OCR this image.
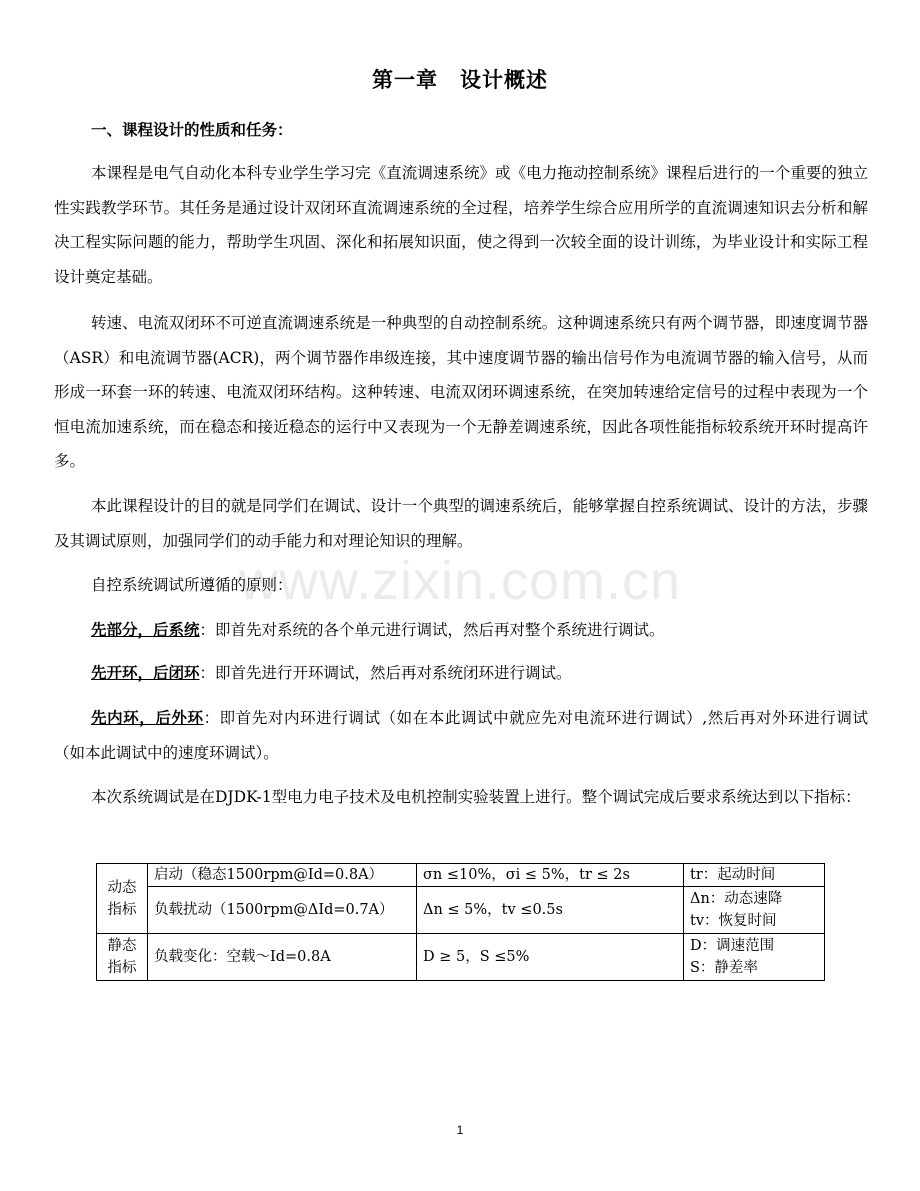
第一章　设计概述
一、课程设计的性质和任务：

本课程是电气自动化本科专业学生学习完《直流调速系统》或《电力拖动控制系统》课程后进行的一个重要的独立性实践教学环节。其任务是通过设计双闭环直流调速系统的全过程，培养学生综合应用所学的直流调速知识去分析和解决工程实际问题的能力，帮助学生巩固、深化和拓展知识面，使之得到一次较全面的设计训练，为毕业设计和实际工程设计奠定基础。

转速、电流双闭环不可逆直流调速系统是一种典型的自动控制系统。这种调速系统只有两个调节器，即速度调节器（ASR）和电流调节器(ACR)，两个调节器作串级连接，其中速度调节器的输出信号作为电流调节器的输入信号，从而形成一环套一环的转速、电流双闭环结构。这种转速、电流双闭环调速系统，在突加转速给定信号的过程中表现为一个恒电流加速系统，而在稳态和接近稳态的运行中又表现为一个无静差调速系统，因此各项性能指标较系统开环时提高许多。

本此课程设计的目的就是同学们在调试、设计一个典型的调速系统后，能够掌握自控系统调试、设计的方法，步骤及其调试原则，加强同学们的动手能力和对理论知识的理解。

www.zixin.com.cn
自控系统调试所遵循的原则：
先部分，后系统：即首先对系统的各个单元进行调试，然后再对整个系统进行调试。
先开环，后闭环：即首先进行开环调试，然后再对系统闭环进行调试。

先内环，后外环：即首先对内环进行调试（如在本此调试中就应先对电流环进行调试）,然后再对外环进行调试（如本此调试中的速度环调试）。

本次系统调试是在DJDK-1型电力电子技术及电机控制实验装置上进行。整个调试完成后要求系统达到以下指标：

动态指标	启动（稳态1500rpm@Id=0.8A）	σn ≤10%，σi ≤ 5%，tr ≤ 2s	tr：起动时间
	负载扰动（1500rpm@ΔId=0.7A）	Δn ≤ 5%，tv ≤0.5s	Δn：动态速降
tv：恢复时间

静态指标	负载变化：空载～Id=0.8A	D ≥ 5，S ≤5%	D：调速范围
S：静差率
1
